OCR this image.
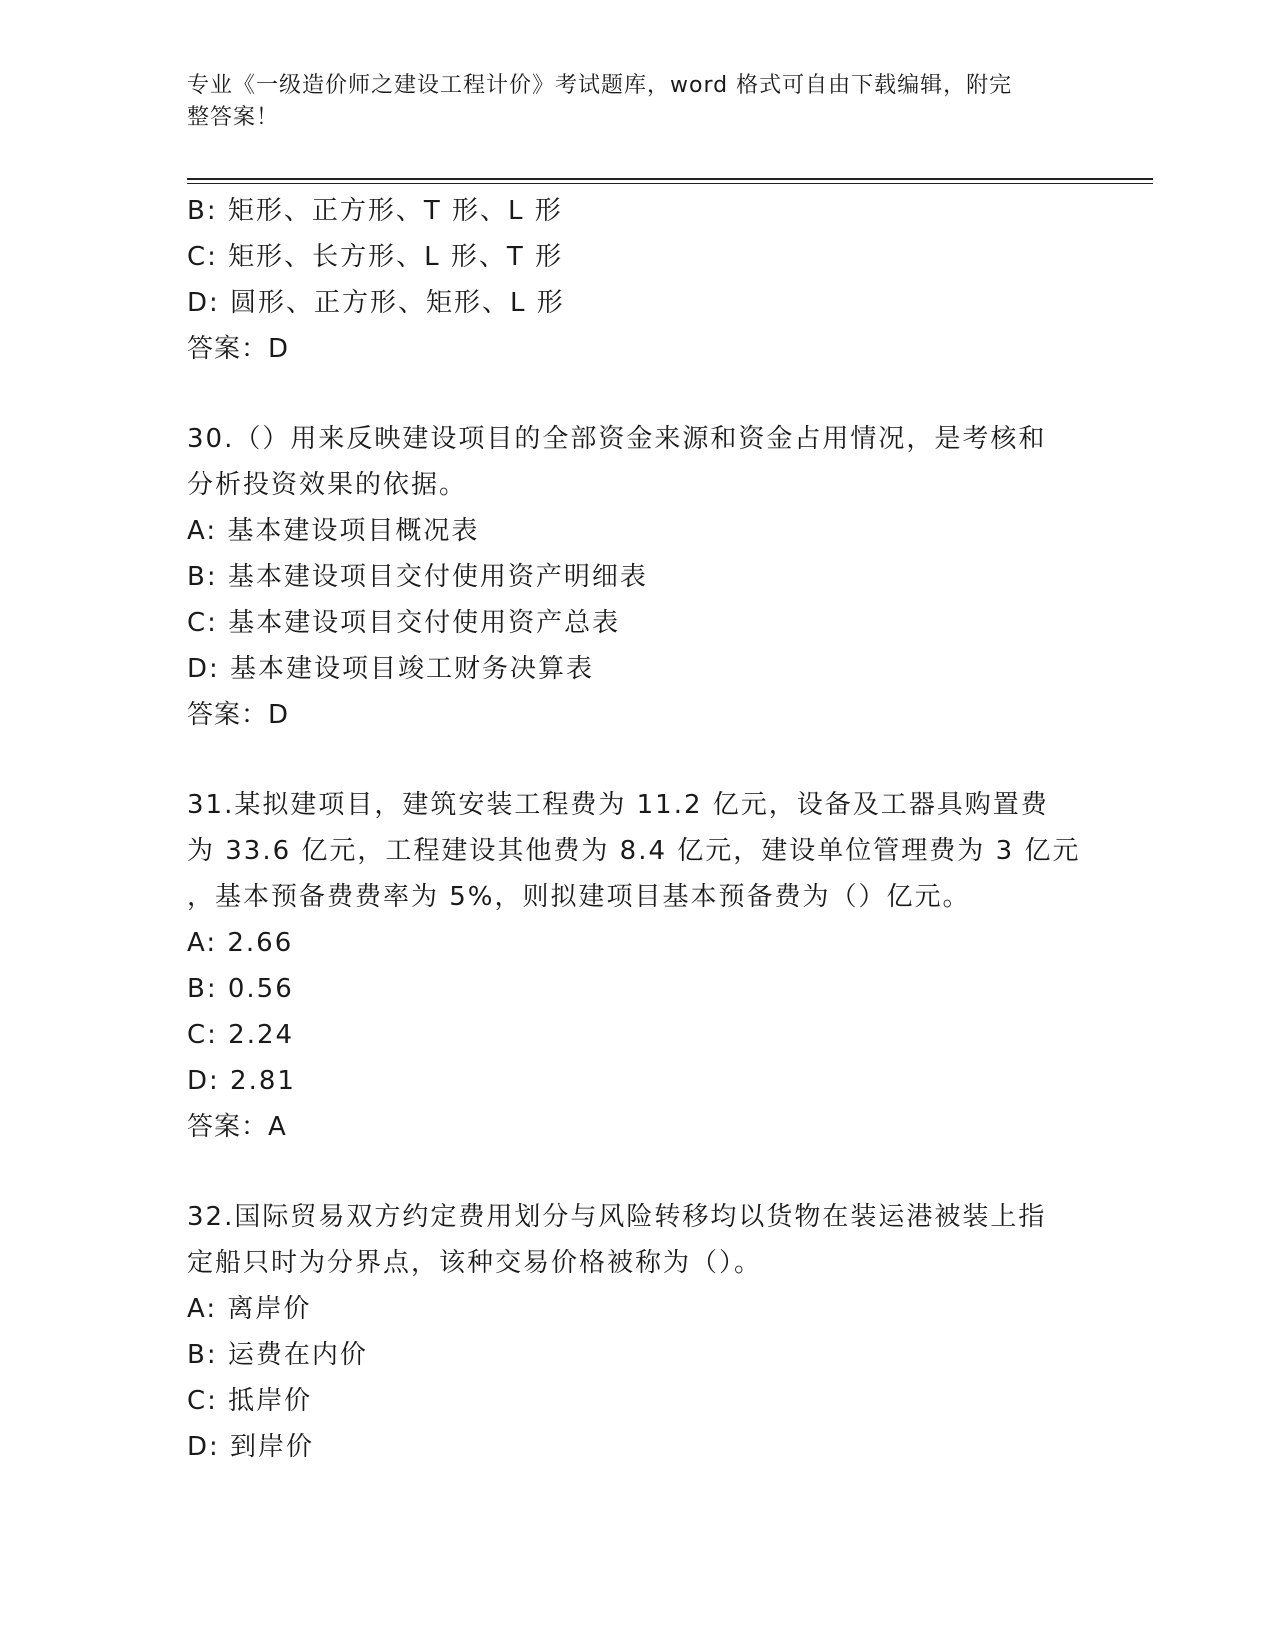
专业《一级造价师之建设工程计价》考试题库，word 格式可自由下载编辑，附完
整答案！
B: 矩形、正方形、T 形、L 形
C: 矩形、长方形、L 形、T 形
D: 圆形、正方形、矩形、L 形
答案：D
30.（）用来反映建设项目的全部资金来源和资金占用情况，是考核和
分析投资效果的依据。
A: 基本建设项目概况表
B: 基本建设项目交付使用资产明细表
C: 基本建设项目交付使用资产总表
D: 基本建设项目竣工财务决算表
答案：D
31.某拟建项目，建筑安装工程费为 11.2 亿元，设备及工器具购置费
为 33.6 亿元，工程建设其他费为 8.4 亿元，建设单位管理费为 3 亿元
，基本预备费费率为 5%，则拟建项目基本预备费为（）亿元。
A: 2.66
B: 0.56
C: 2.24
D: 2.81
答案：A
32.国际贸易双方约定费用划分与风险转移均以货物在装运港被装上指
定船只时为分界点，该种交易价格被称为（）。
A: 离岸价
B: 运费在内价
C: 抵岸价
D: 到岸价
